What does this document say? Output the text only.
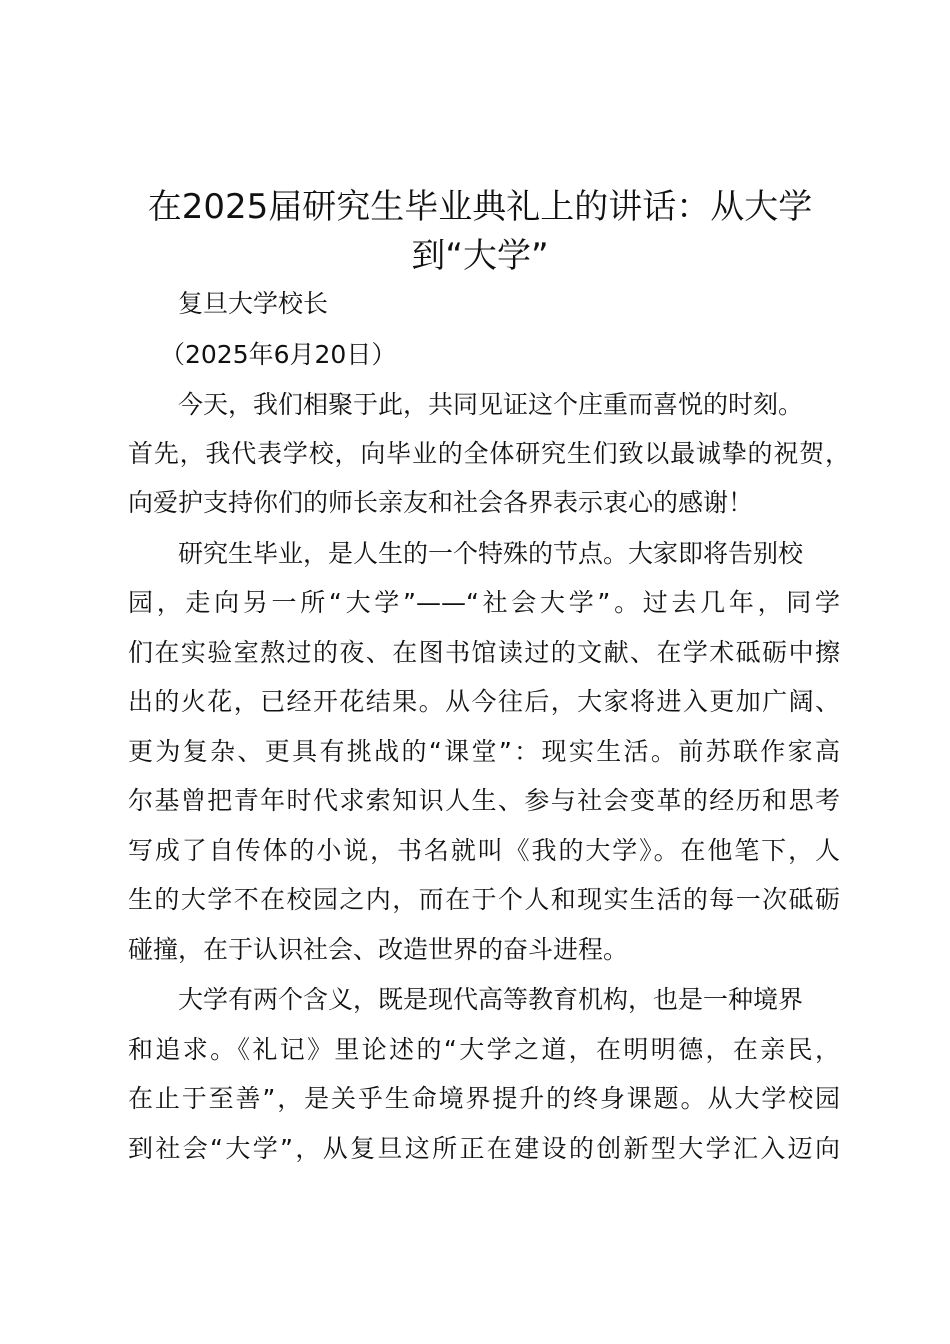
在2025届研究生毕业典礼上的讲话：从大学
到“大学”
复旦大学校长
（2025年6月20日）
今天，我们相聚于此，共同见证这个庄重而喜悦的时刻。
首先，我代表学校，向毕业的全体研究生们致以最诚挚的祝贺，
向爱护支持你们的师长亲友和社会各界表示衷心的感谢！
研究生毕业，是人生的一个特殊的节点。大家即将告别校
园，走向另一所“大学”——“社会大学”。过去几年，同学
们在实验室熬过的夜、在图书馆读过的文献、在学术砥砺中擦
出的火花，已经开花结果。从今往后，大家将进入更加广阔、
更为复杂、更具有挑战的“课堂”：现实生活。前苏联作家高
尔基曾把青年时代求索知识人生、参与社会变革的经历和思考
写成了自传体的小说，书名就叫《我的大学》。在他笔下，人
生的大学不在校园之内，而在于个人和现实生活的每一次砥砺
碰撞，在于认识社会、改造世界的奋斗进程。
大学有两个含义，既是现代高等教育机构，也是一种境界
和追求。《礼记》里论述的“大学之道，在明明德，在亲民，
在止于至善”，是关乎生命境界提升的终身课题。从大学校园
到社会“大学”，从复旦这所正在建设的创新型大学汇入迈向
